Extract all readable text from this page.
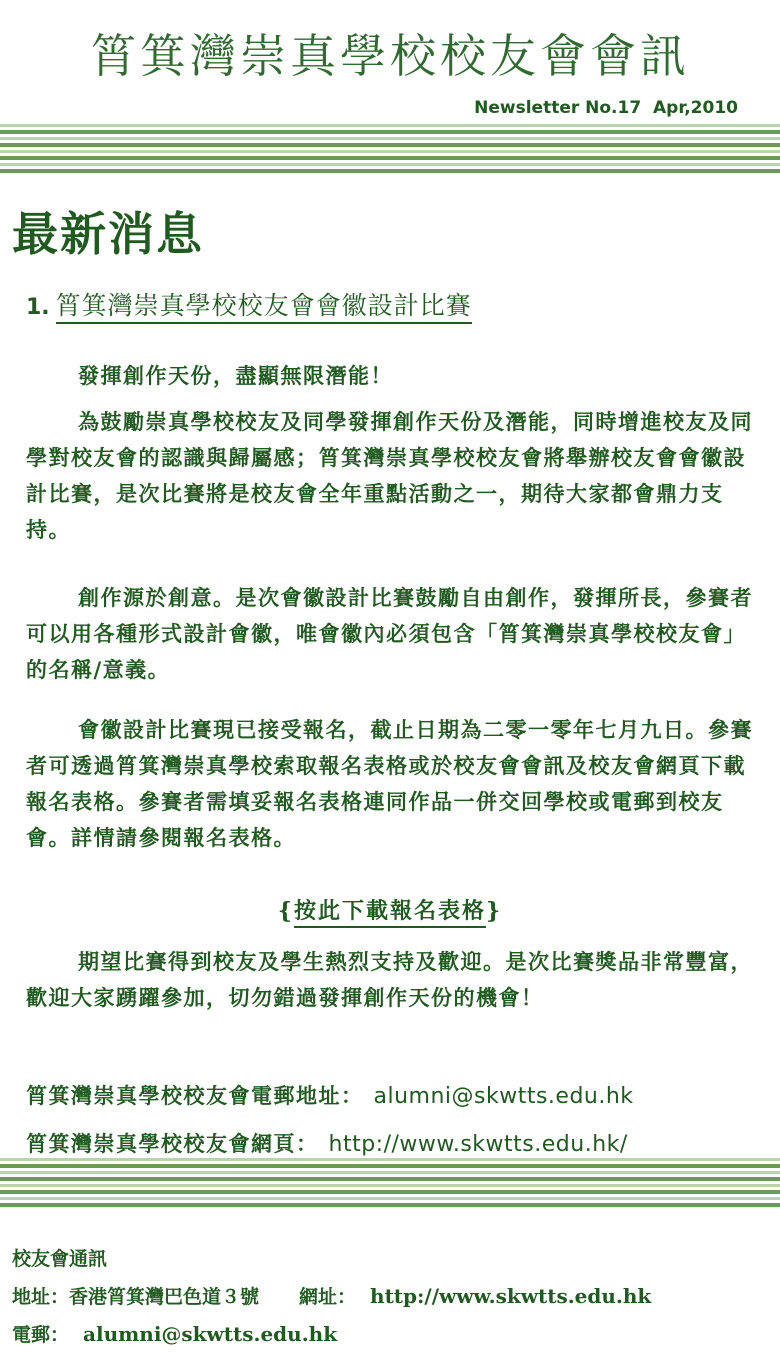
筲箕灣崇真學校校友會會訊
Newsletter No.17  Apr,2010
最新消息
1. 筲箕灣崇真學校校友會會徽設計比賽
發揮創作天份，盡顯無限潛能！
為鼓勵崇真學校校友及同學發揮創作天份及潛能，同時增進校友及同學對校友會的認識與歸屬感；筲箕灣崇真學校校友會將舉辦校友會會徽設計比賽，是次比賽將是校友會全年重點活動之一，期待大家都會鼎力支持。
創作源於創意。是次會徽設計比賽鼓勵自由創作，發揮所長，參賽者可以用各種形式設計會徽，唯會徽內必須包含「筲箕灣崇真學校校友會」的名稱/意義。
會徽設計比賽現已接受報名，截止日期為二零一零年七月九日。參賽者可透過筲箕灣崇真學校索取報名表格或於校友會會訊及校友會網頁下載報名表格。參賽者需填妥報名表格連同作品一併交回學校或電郵到校友會。詳情請參閱報名表格。
{按此下載報名表格}
期望比賽得到校友及學生熱烈支持及歡迎。是次比賽獎品非常豐富，歡迎大家踴躍參加，切勿錯過發揮創作天份的機會！
筲箕灣崇真學校校友會電郵地址： alumni@skwtts.edu.hk
筲箕灣崇真學校校友會網頁： http://www.skwtts.edu.hk/
校友會通訊
地址：香港筲箕灣巴色道３號 網址： http://www.skwtts.edu.hk
電郵： alumni@skwtts.edu.hk
